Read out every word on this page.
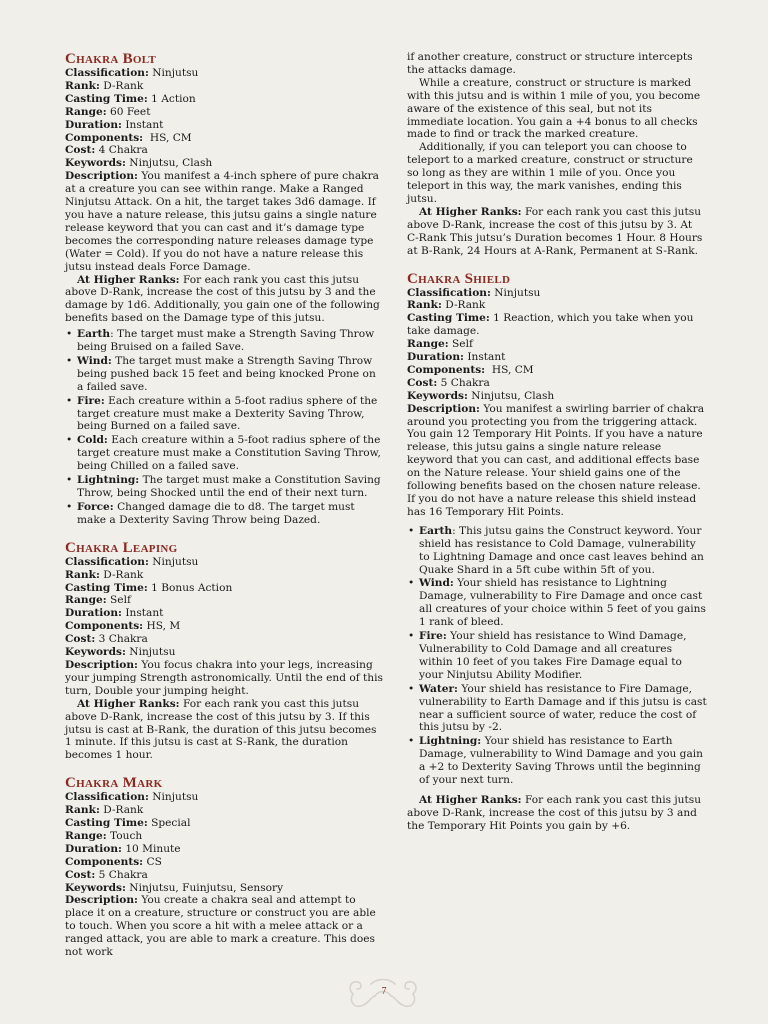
Chakra Bolt

Classification: Ninjutsu

Rank: D-Rank

Casting Time: 1 Action

Range: 60 Feet

Duration: Instant

Components: HS, CM

Cost: 4 Chakra

Keywords: Ninjutsu, Clash

Description: You manifest a 4-inch sphere of pure chakra at a creature you can see within range. Make a Ranged Ninjutsu Attack. On a hit, the target takes 3d6 damage. If you have a nature release, this jutsu gains a single nature release keyword that you can cast and it’s damage type becomes the corresponding nature releases damage type (Water = Cold). If you do not have a nature release this jutsu instead deals Force Damage.

At Higher Ranks: For each rank you cast this jutsu above D-Rank, increase the cost of this jutsu by 3 and the damage by 1d6. Additionally, you gain one of the following benefits based on the Damage type of this jutsu.

• Earth: The target must make a Strength Saving Throw being Bruised on a failed Save.
• Wind: The target must make a Strength Saving Throw being pushed back 15 feet and being knocked Prone on a failed save.
• Fire: Each creature within a 5-foot radius sphere of the target creature must make a Dexterity Saving Throw, being Burned on a failed save.
• Cold: Each creature within a 5-foot radius sphere of the target creature must make a Constitution Saving Throw, being Chilled on a failed save.
• Lightning: The target must make a Constitution Saving Throw, being Shocked until the end of their next turn.
• Force: Changed damage die to d8. The target must make a Dexterity Saving Throw being Dazed.
Chakra Leaping

Classification: Ninjutsu

Rank: D-Rank

Casting Time: 1 Bonus Action

Range: Self

Duration: Instant

Components: HS, M

Cost: 3 Chakra

Keywords: Ninjutsu

Description: You focus chakra into your legs, increasing your jumping Strength astronomically. Until the end of this turn, Double your jumping height.

At Higher Ranks: For each rank you cast this jutsu above D-Rank, increase the cost of this jutsu by 3. If this jutsu is cast at B-Rank, the duration of this jutsu becomes 1 minute. If this jutsu is cast at S-Rank, the duration becomes 1 hour.

Chakra Mark

Classification: Ninjutsu

Rank: D-Rank

Casting Time: Special

Range: Touch

Duration: 10 Minute

Components: CS

Cost: 5 Chakra

Keywords: Ninjutsu, Fuinjutsu, Sensory

Description: You create a chakra seal and attempt to place it on a creature, structure or construct you are able to touch. When you score a hit with a melee attack or a ranged attack, you are able to mark a creature. This does not work

if another creature, construct or structure intercepts the attacks damage.

While a creature, construct or structure is marked with this jutsu and is within 1 mile of you, you become aware of the existence of this seal, but not its immediate location. You gain a +4 bonus to all checks made to find or track the marked creature.

Additionally, if you can teleport you can choose to teleport to a marked creature, construct or structure so long as they are within 1 mile of you. Once you teleport in this way, the mark vanishes, ending this jutsu.

At Higher Ranks: For each rank you cast this jutsu above D-Rank, increase the cost of this jutsu by 3. At C-Rank This jutsu’s Duration becomes 1 Hour. 8 Hours at B-Rank, 24 Hours at A-Rank, Permanent at S-Rank.

Chakra Shield

Classification: Ninjutsu

Rank: D-Rank

Casting Time: 1 Reaction, which you take when you take damage.

Range: Self

Duration: Instant

Components: HS, CM

Cost: 5 Chakra

Keywords: Ninjutsu, Clash

Description: You manifest a swirling barrier of chakra around you protecting you from the triggering attack. You gain 12 Temporary Hit Points. If you have a nature release, this jutsu gains a single nature release keyword that you can cast, and additional effects base on the Nature release. Your shield gains one of the following benefits based on the chosen nature release. If you do not have a nature release this shield instead has 16 Temporary Hit Points.

• Earth: This jutsu gains the Construct keyword. Your shield has resistance to Cold Damage, vulnerability to Lightning Damage and once cast leaves behind an Quake Shard in a 5ft cube within 5ft of you.
• Wind: Your shield has resistance to Lightning Damage, vulnerability to Fire Damage and once cast all creatures of your choice within 5 feet of you gains 1 rank of bleed.
• Fire: Your shield has resistance to Wind Damage, Vulnerability to Cold Damage and all creatures within 10 feet of you takes Fire Damage equal to your Ninjutsu Ability Modifier.
• Water: Your shield has resistance to Fire Damage, vulnerability to Earth Damage and if this jutsu is cast near a sufficient source of water, reduce the cost of this jutsu by -2.
• Lightning: Your shield has resistance to Earth Damage, vulnerability to Wind Damage and you gain a +2 to Dexterity Saving Throws until the beginning of your next turn.

At Higher Ranks: For each rank you cast this jutsu above D-Rank, increase the cost of this jutsu by 3 and the Temporary Hit Points you gain by +6.

7
